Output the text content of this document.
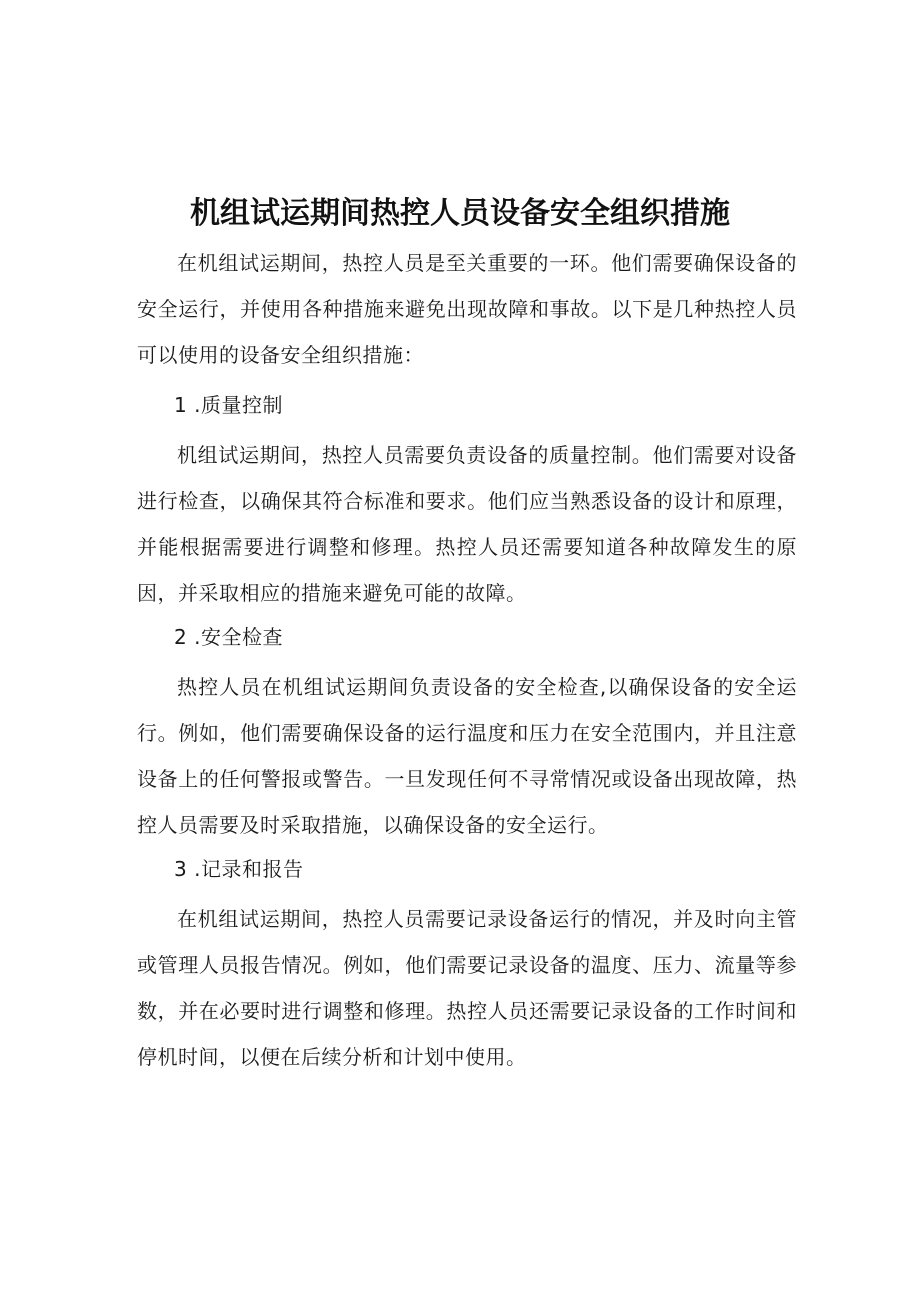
机组试运期间热控人员设备安全组织措施
在机组试运期间，热控人员是至关重要的一环。他们需要确保设备的安全运行，并使用各种措施来避免出现故障和事故。以下是几种热控人员可以使用的设备安全组织措施：
1 .质量控制
机组试运期间，热控人员需要负责设备的质量控制。他们需要对设备进行检查，以确保其符合标准和要求。他们应当熟悉设备的设计和原理，并能根据需要进行调整和修理。热控人员还需要知道各种故障发生的原因，并采取相应的措施来避免可能的故障。
2 .安全检查
热控人员在机组试运期间负责设备的安全检查,以确保设备的安全运行。例如，他们需要确保设备的运行温度和压力在安全范围内，并且注意设备上的任何警报或警告。一旦发现任何不寻常情况或设备出现故障，热控人员需要及时采取措施，以确保设备的安全运行。
3 .记录和报告
在机组试运期间，热控人员需要记录设备运行的情况，并及时向主管或管理人员报告情况。例如，他们需要记录设备的温度、压力、流量等参数，并在必要时进行调整和修理。热控人员还需要记录设备的工作时间和停机时间，以便在后续分析和计划中使用。
